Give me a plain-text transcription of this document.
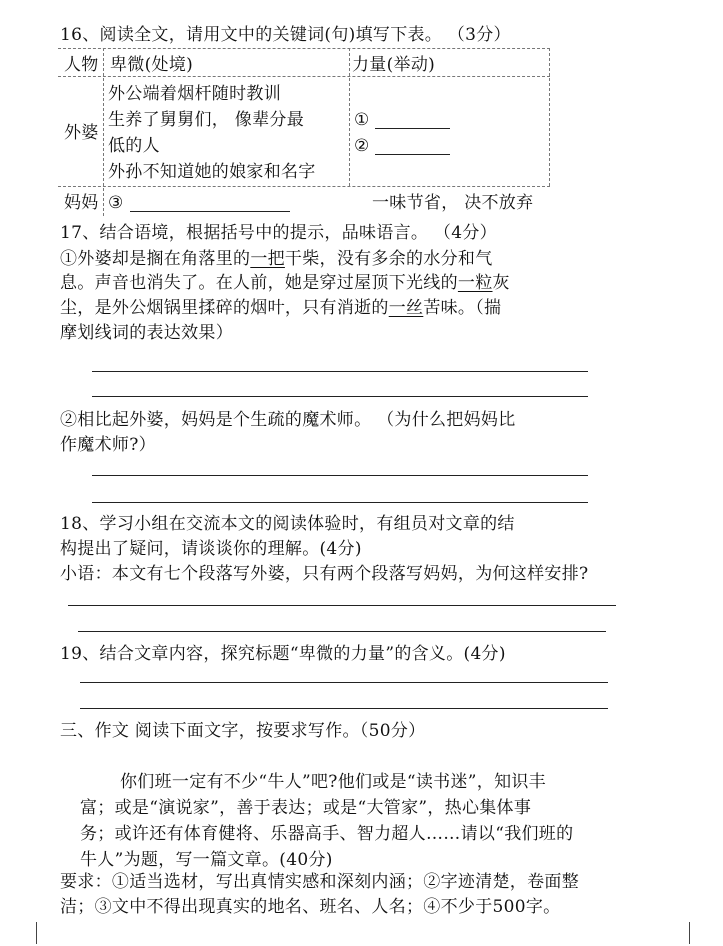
16、阅读全文，请用文中的关键词(句)填写下表。 （3分）
人物 卑微(处境)	力量(举动)
外婆
外公端着烟杆随时教训
生养了舅舅们， 像辈分最
低的人
外孙不知道她的娘家和名字
①
②
妈妈 ③	一味节省， 决不放弃
17、结合语境，根据括号中的提示，品味语言。 （4分）
①外婆却是搁在角落里的一把干柴，没有多余的水分和气
息。声音也消失了。在人前，她是穿过屋顶下光线的一粒灰
尘，是外公烟锅里揉碎的烟叶，只有消逝的一丝苦味。（揣
摩划线词的表达效果）
②相比起外婆，妈妈是个生疏的魔术师。 （为什么把妈妈比
作魔术师?）
18、学习小组在交流本文的阅读体验时，有组员对文章的结
构提出了疑问，请谈谈你的理解。(4分)
小语：本文有七个段落写外婆，只有两个段落写妈妈，为何这样安排?
19、结合文章内容，探究标题“卑微的力量”的含义。(4分)
三、作文 阅读下面文字，按要求写作。（50分）
你们班一定有不少“牛人”吧?他们或是“读书迷”，知识丰
富；或是“演说家”，善于表达；或是“大管家”，热心集体事
务；或许还有体育健将、乐器高手、智力超人……请以“我们班的
牛人”为题，写一篇文章。(40分)
要求：①适当选材，写出真情实感和深刻内涵；②字迹清楚，卷面整
洁；③文中不得出现真实的地名、班名、人名；④不少于500字。
